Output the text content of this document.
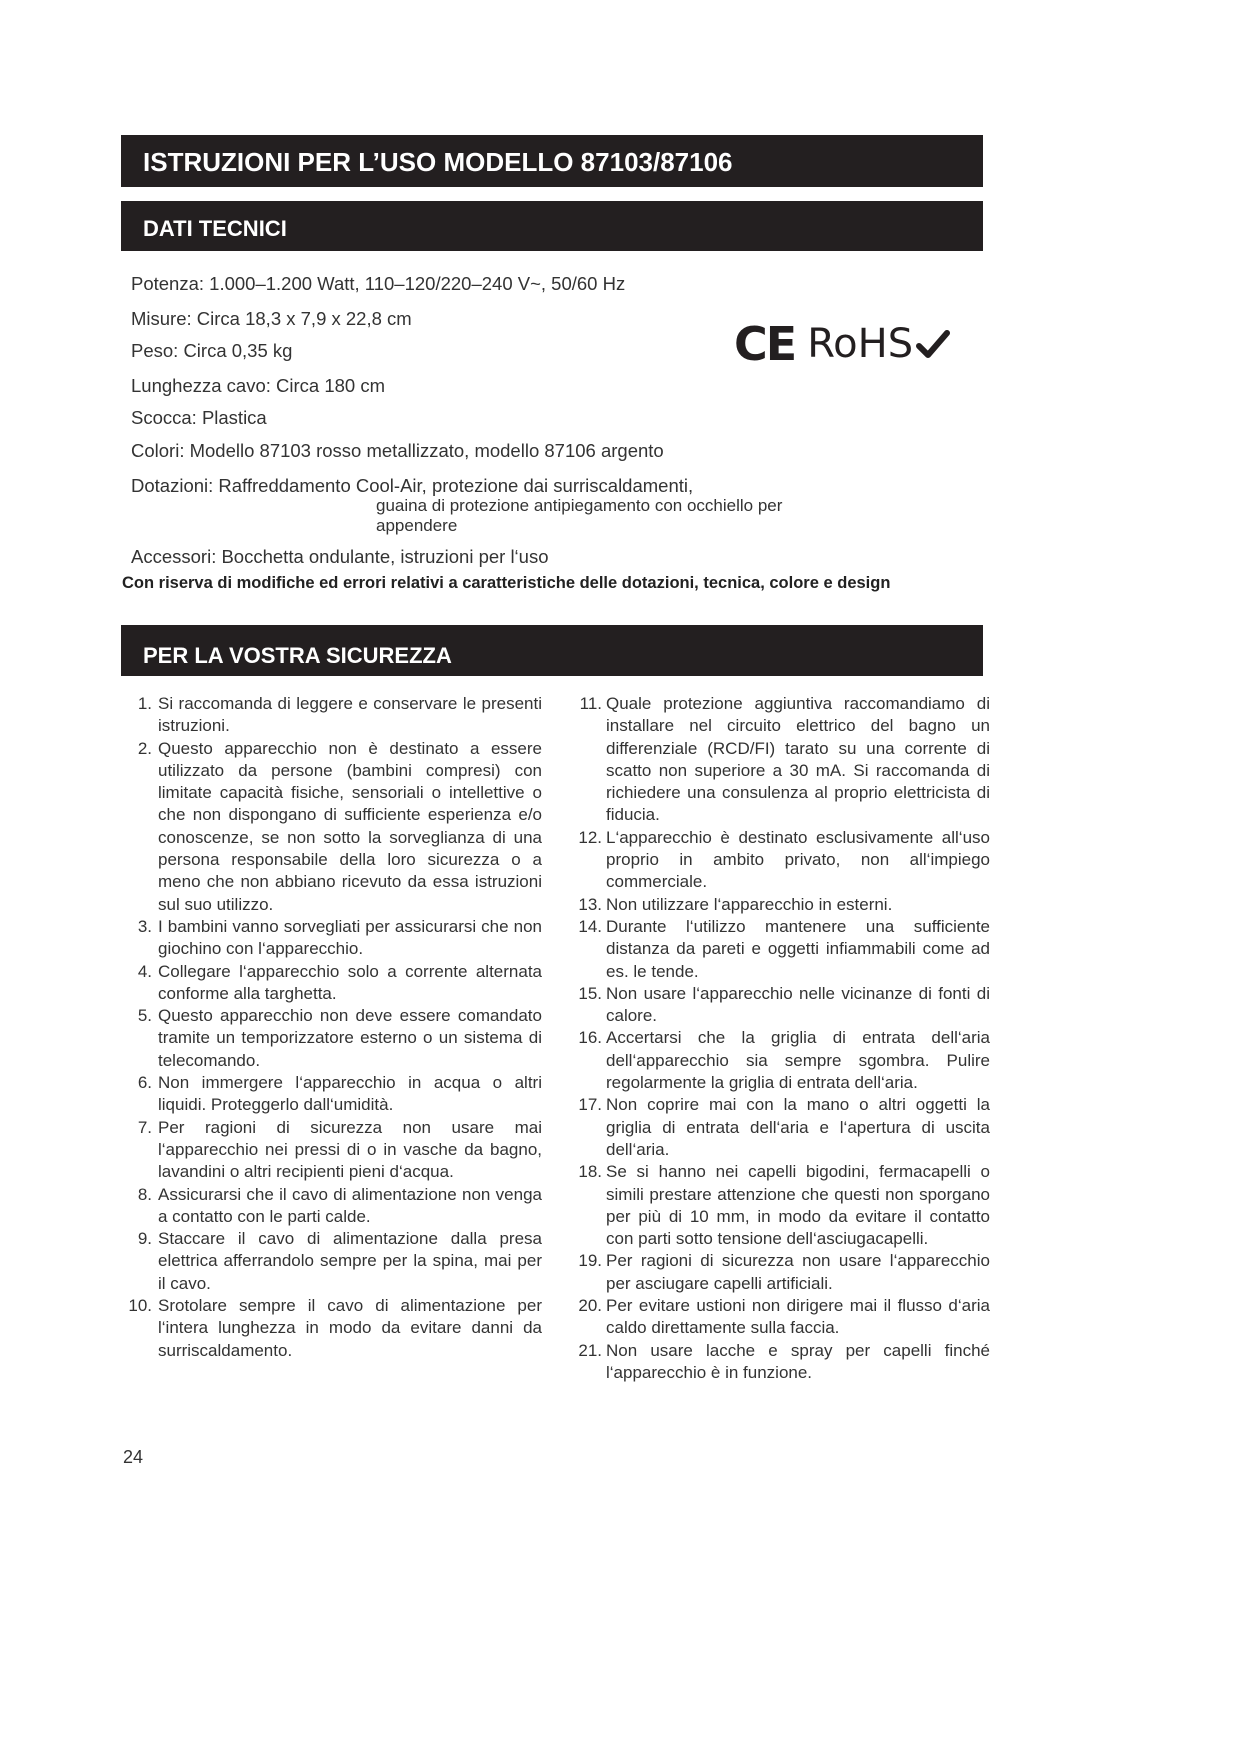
ISTRUZIONI PER L’USO MODELLO 87103/87106
DATI TECNICI
Potenza: 1.000–1.200 Watt, 110–120/220–240 V~, 50/60 Hz
Misure: Circa 18,3 x 7,9 x 22,8 cm
Peso: Circa 0,35 kg
Lunghezza cavo: Circa 180 cm
Scocca: Plastica
Colori: Modello 87103 rosso metallizzato, modello 87106 argento
Dotazioni: Raffreddamento Cool-Air, protezione dai surriscaldamenti,
guaina di protezione antipiegamento con occhiello per
appendere
Accessori: Bocchetta ondulante, istruzioni per l‘uso
Con riserva di modifiche ed errori relativi a caratteristiche delle dotazioni, tecnica, colore e design
CE RoHS
PER LA VOSTRA SICUREZZA
1. Si raccomanda di leggere e conservare le presenti istruzioni.
2. Questo apparecchio non è destinato a essere utilizzato da persone (bambini compresi) con limitate capacità fisiche, sensoriali o intellettive o che non dispongano di sufficiente esperienza e/o conoscenze, se non sotto la sorveglianza di una persona responsabile della loro sicurezza o a meno che non abbiano ricevuto da essa istruzioni sul suo utilizzo.
3. I bambini vanno sorvegliati per assicurarsi che non giochino con l‘apparecchio.
4. Collegare l‘apparecchio solo a corrente alternata conforme alla targhetta.
5. Questo apparecchio non deve essere comandato tramite un temporizzatore esterno o un sistema di telecomando.
6. Non immergere l‘apparecchio in acqua o altri liquidi. Proteggerlo dall‘umidità.
7. Per ragioni di sicurezza non usare mai l‘apparecchio nei pressi di o in vasche da bagno, lavandini o altri recipienti pieni d‘acqua.
8. Assicurarsi che il cavo di alimentazione non venga a contatto con le parti calde.
9. Staccare il cavo di alimentazione dalla presa elettrica afferrandolo sempre per la spina, mai per il cavo.
10. Srotolare sempre il cavo di alimentazione per l‘intera lunghezza in modo da evitare danni da surriscaldamento.
11. Quale protezione aggiuntiva raccomandiamo di installare nel circuito elettrico del bagno un differenziale (RCD/FI) tarato su una corrente di scatto non superiore a 30 mA. Si raccomanda di richiedere una consulenza al proprio elettricista di fiducia.
12. L‘apparecchio è destinato esclusivamente all‘uso proprio in ambito privato, non all‘impiego commerciale.
13. Non utilizzare l‘apparecchio in esterni.
14. Durante l‘utilizzo mantenere una sufficiente distanza da pareti e oggetti infiammabili come ad es. le tende.
15. Non usare l‘apparecchio nelle vicinanze di fonti di calore.
16. Accertarsi che la griglia di entrata dell‘aria dell‘apparecchio sia sempre sgombra. Pulire regolarmente la griglia di entrata dell‘aria.
17. Non coprire mai con la mano o altri oggetti la griglia di entrata dell‘aria e l‘apertura di uscita dell‘aria.
18. Se si hanno nei capelli bigodini, fermacapelli o simili prestare attenzione che questi non sporgano per più di 10 mm, in modo da evitare il contatto con parti sotto tensione dell‘asciugacapelli.
19. Per ragioni di sicurezza non usare l‘apparecchio per asciugare capelli artificiali.
20. Per evitare ustioni non dirigere mai il flusso d‘aria caldo direttamente sulla faccia.
21. Non usare lacche e spray per capelli finché l‘apparecchio è in funzione.
24
